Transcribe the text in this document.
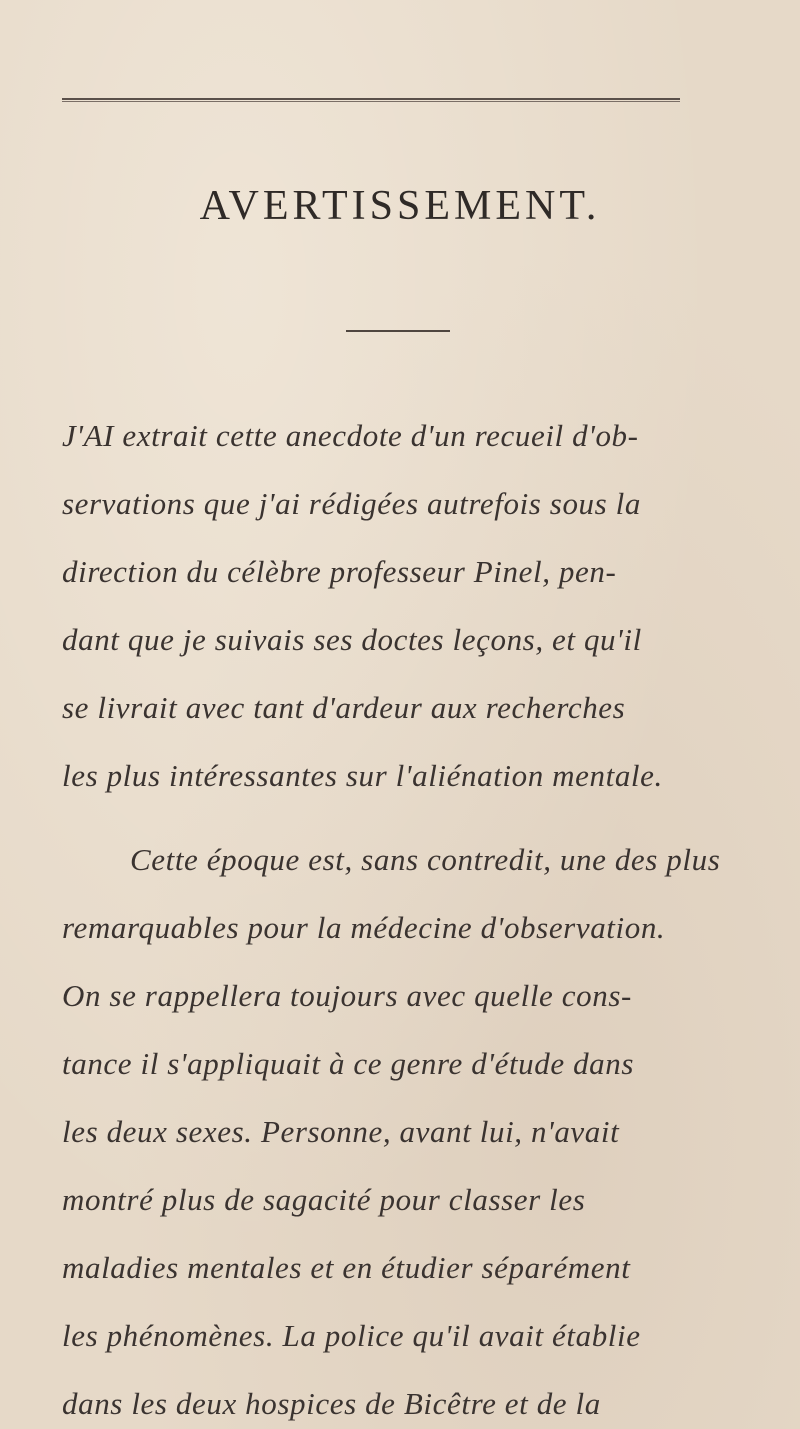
AVERTISSEMENT.
J'AI extrait cette anecdote d'un recueil d'ob-
servations que j'ai rédigées autrefois sous la
direction du célèbre professeur Pinel, pen-
dant que je suivais ses doctes leçons, et qu'il
se livrait avec tant d'ardeur aux recherches
les plus intéressantes sur l'aliénation mentale.
Cette époque est, sans contredit, une des plus
remarquables pour la médecine d'observation.
On se rappellera toujours avec quelle cons-
tance il s'appliquait à ce genre d'étude dans
les deux sexes. Personne, avant lui, n'avait
montré plus de sagacité pour classer les
maladies mentales et en étudier séparément
les phénomènes. La police qu'il avait établie
dans les deux hospices de Bicêtre et de la
